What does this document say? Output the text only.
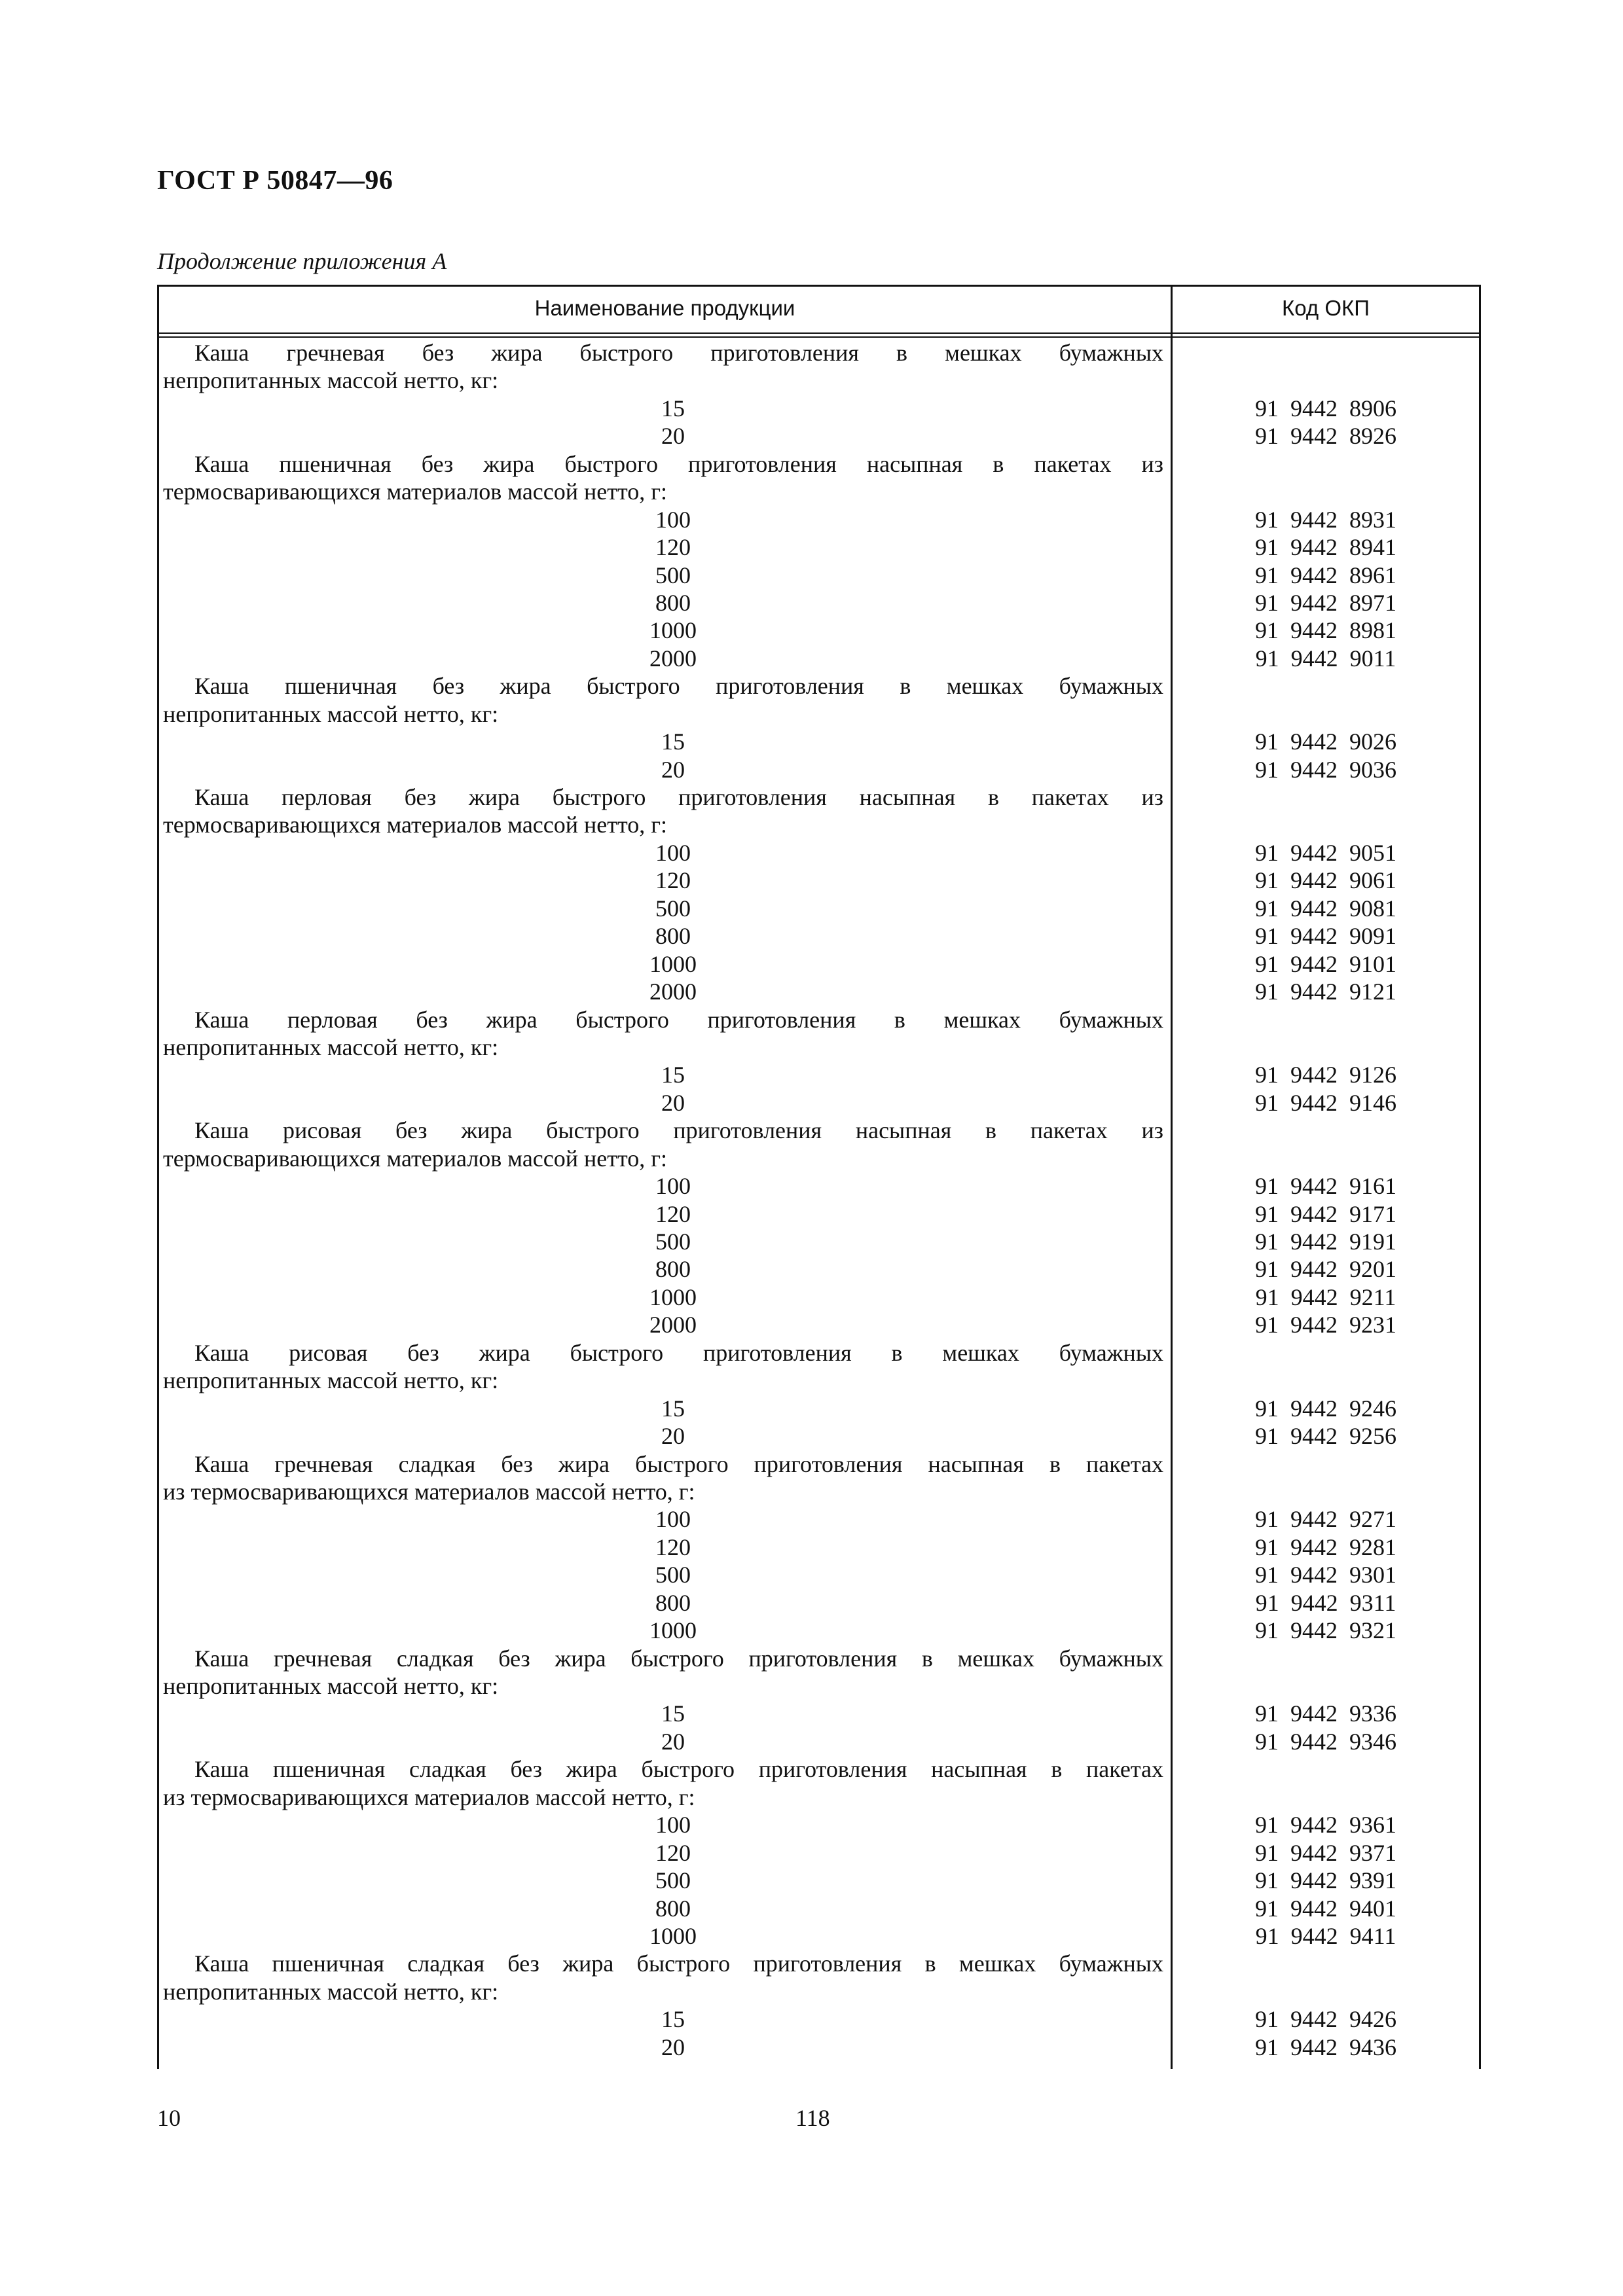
ГОСТ Р 50847—96
Продолжение приложения А
Наименование продукции	Код ОКП
Каша гречневая без жира быстрого приготовления в мешках бумажных
непропитанных массой нетто, кг:
15	91  9442  8906
20	91  9442  8926
Каша пшеничная без жира быстрого приготовления насыпная в пакетах из
термосваривающихся материалов массой нетто, г:
100	91  9442  8931
120	91  9442  8941
500	91  9442  8961
800	91  9442  8971
1000	91  9442  8981
2000	91  9442  9011
Каша пшеничная без жира быстрого приготовления в мешках бумажных
непропитанных массой нетто, кг:
15	91  9442  9026
20	91  9442  9036
Каша перловая без жира быстрого приготовления насыпная в пакетах из
термосваривающихся материалов массой нетто, г:
100	91  9442  9051
120	91  9442  9061
500	91  9442  9081
800	91  9442  9091
1000	91  9442  9101
2000	91  9442  9121
Каша перловая без жира быстрого приготовления в мешках бумажных
непропитанных массой нетто, кг:
15	91  9442  9126
20	91  9442  9146
Каша рисовая без жира быстрого приготовления насыпная в пакетах из
термосваривающихся материалов массой нетто, г:
100	91  9442  9161
120	91  9442  9171
500	91  9442  9191
800	91  9442  9201
1000	91  9442  9211
2000	91  9442  9231
Каша рисовая без жира быстрого приготовления в мешках бумажных
непропитанных массой нетто, кг:
15	91  9442  9246
20	91  9442  9256
Каша гречневая сладкая без жира быстрого приготовления насыпная в пакетах
из термосваривающихся материалов массой нетто, г:
100	91  9442  9271
120	91  9442  9281
500	91  9442  9301
800	91  9442  9311
1000	91  9442  9321
Каша гречневая сладкая без жира быстрого приготовления в мешках бумажных
непропитанных массой нетто, кг:
15	91  9442  9336
20	91  9442  9346
Каша пшеничная сладкая без жира быстрого приготовления насыпная в пакетах
из термосваривающихся материалов массой нетто, г:
100	91  9442  9361
120	91  9442  9371
500	91  9442  9391
800	91  9442  9401
1000	91  9442  9411
Каша пшеничная сладкая без жира быстрого приготовления в мешках бумажных
непропитанных массой нетто, кг:
15	91  9442  9426
20	91  9442  9436
10	118
